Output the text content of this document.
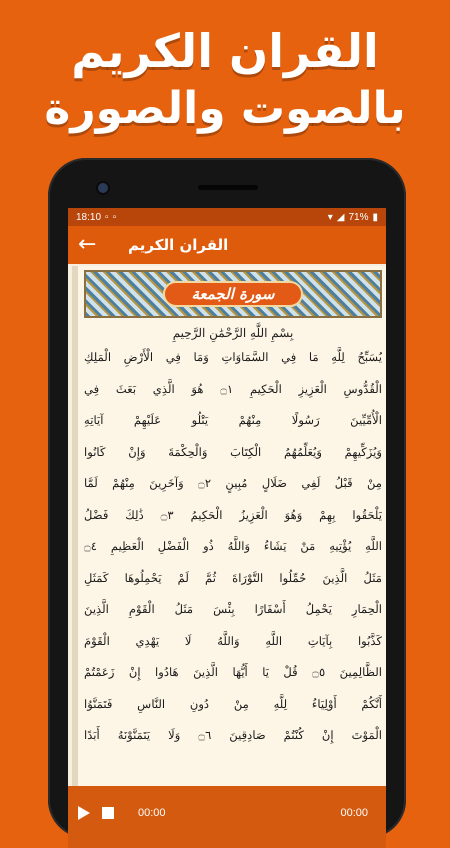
القران الكريم
بالصوت والصورة
18:10 ▫ ▫	▾ ◢ 71% ▮
←	القران الكريم
سورة الجمعة
بِسْمِ اللَّهِ الرَّحْمَٰنِ الرَّحِيمِ
يُسَبِّحُ لِلَّهِ مَا فِي السَّمَاوَاتِ وَمَا فِي الْأَرْضِ الْمَلِكِ
الْقُدُّوسِ الْعَزِيزِ الْحَكِيمِ ۝١ هُوَ الَّذِي بَعَثَ فِي
الْأُمِّيِّينَ رَسُولًا مِنْهُمْ يَتْلُو عَلَيْهِمْ آيَاتِهِ
وَيُزَكِّيهِمْ وَيُعَلِّمُهُمُ الْكِتَابَ وَالْحِكْمَةَ وَإِنْ كَانُوا
مِنْ قَبْلُ لَفِي ضَلَالٍ مُبِينٍ ۝٢ وَآخَرِينَ مِنْهُمْ لَمَّا
يَلْحَقُوا بِهِمْ وَهُوَ الْعَزِيزُ الْحَكِيمُ ۝٣ ذَٰلِكَ فَضْلُ
اللَّهِ يُؤْتِيهِ مَنْ يَشَاءُ وَاللَّهُ ذُو الْفَضْلِ الْعَظِيمِ ۝٤
مَثَلُ الَّذِينَ حُمِّلُوا التَّوْرَاةَ ثُمَّ لَمْ يَحْمِلُوهَا كَمَثَلِ
الْحِمَارِ يَحْمِلُ أَسْفَارًا بِئْسَ مَثَلُ الْقَوْمِ الَّذِينَ
كَذَّبُوا بِآيَاتِ اللَّهِ وَاللَّهُ لَا يَهْدِي الْقَوْمَ
الظَّالِمِينَ ۝٥ قُلْ يَا أَيُّهَا الَّذِينَ هَادُوا إِنْ زَعَمْتُمْ
أَنَّكُمْ أَوْلِيَاءُ لِلَّهِ مِنْ دُونِ النَّاسِ فَتَمَنَّوُا
الْمَوْتَ إِنْ كُنْتُمْ صَادِقِينَ ۝٦ وَلَا يَتَمَنَّوْنَهُ أَبَدًا
00:00	00:00
